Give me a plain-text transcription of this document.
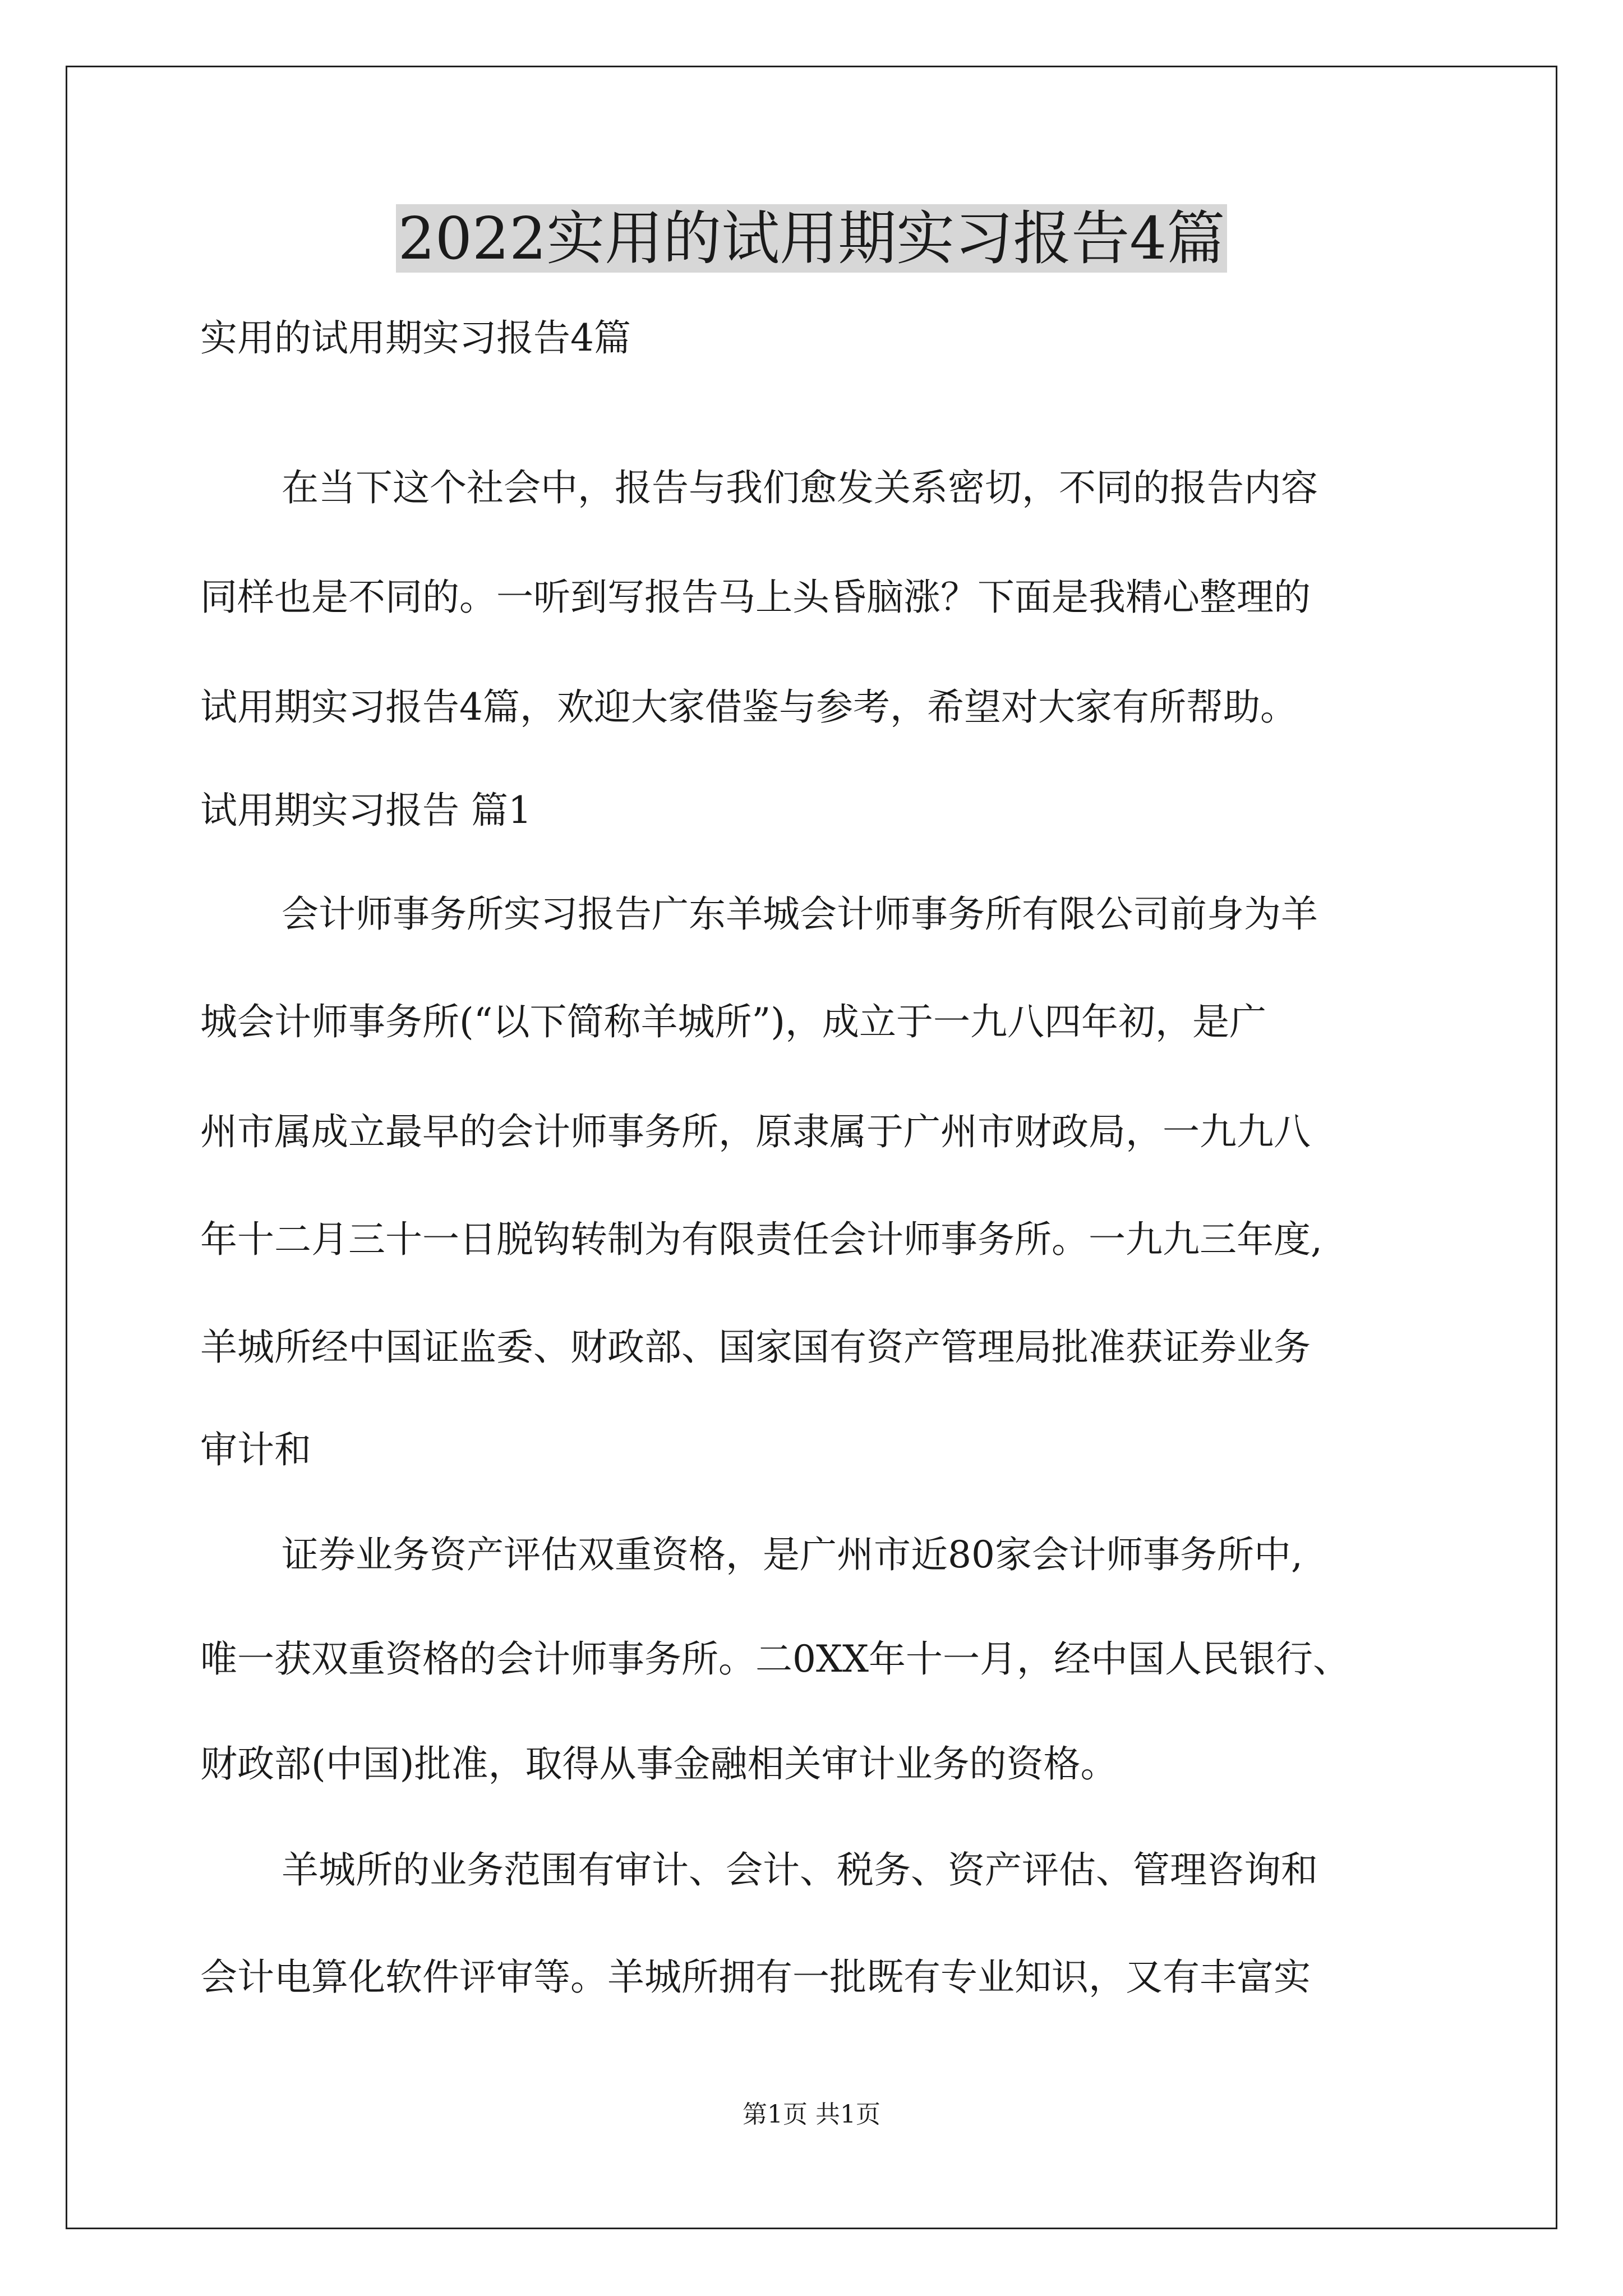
2022实用的试用期实习报告4篇
实用的试用期实习报告4篇
在当下这个社会中，报告与我们愈发关系密切，不同的报告内容
同样也是不同的。一听到写报告马上头昏脑涨？下面是我精心整理的
试用期实习报告4篇，欢迎大家借鉴与参考，希望对大家有所帮助。
试用期实习报告 篇1
会计师事务所实习报告广东羊城会计师事务所有限公司前身为羊
城会计师事务所(“以下简称羊城所”)，成立于一九八四年初，是广
州市属成立最早的会计师事务所，原隶属于广州市财政局，一九九八
年十二月三十一日脱钩转制为有限责任会计师事务所。一九九三年度,
羊城所经中国证监委、财政部、国家国有资产管理局批准获证券业务
审计和
证券业务资产评估双重资格，是广州市近80家会计师事务所中,
唯一获双重资格的会计师事务所。二0XX年十一月，经中国人民银行、
财政部(中国)批准，取得从事金融相关审计业务的资格。
羊城所的业务范围有审计、会计、税务、资产评估、管理咨询和
会计电算化软件评审等。羊城所拥有一批既有专业知识，又有丰富实
第1页 共1页
